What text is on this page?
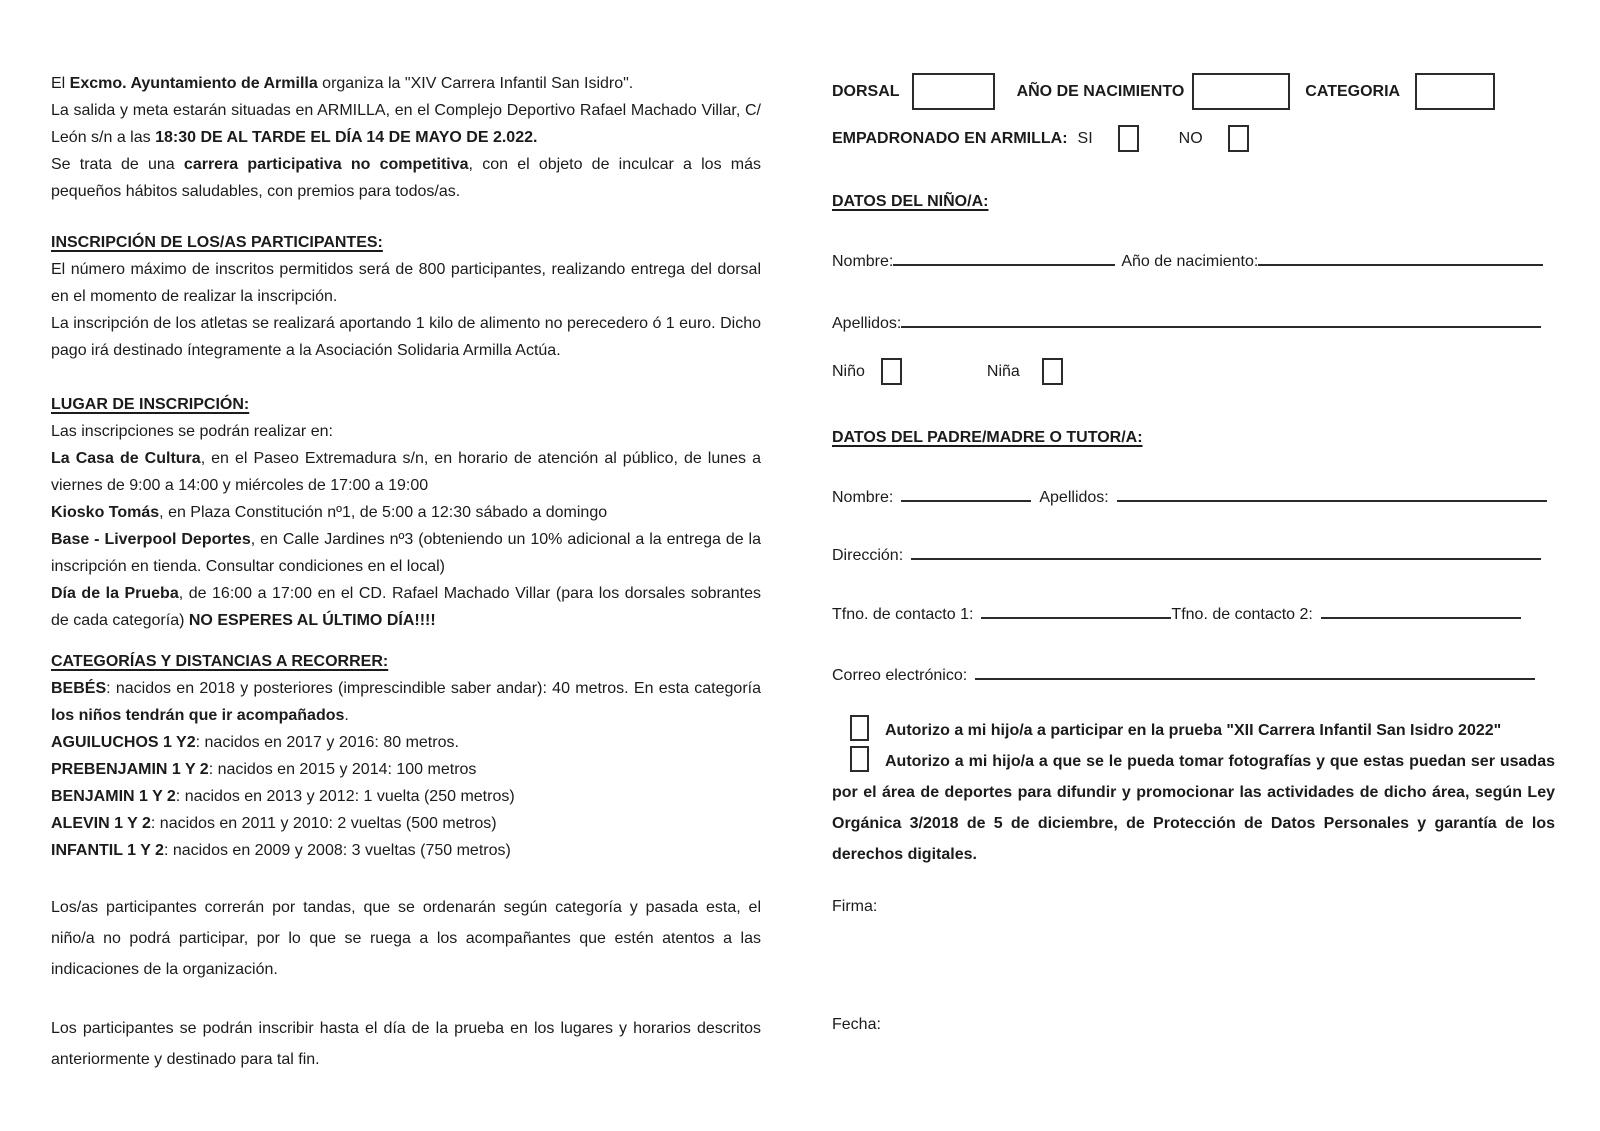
El Excmo. Ayuntamiento de Armilla organiza la "XIV Carrera Infantil San Isidro".

La salida y meta estarán situadas en ARMILLA, en el Complejo Deportivo Rafael Machado Villar, C/ León s/n a las 18:30 DE AL TARDE EL DÍA 14 DE MAYO DE 2.022.

Se trata de una carrera participativa no competitiva, con el objeto de inculcar a los más pequeños hábitos saludables, con premios para todos/as.

INSCRIPCIÓN DE LOS/AS PARTICIPANTES:

El número máximo de inscritos permitidos será de 800 participantes, realizando entrega del dorsal en el momento de realizar la inscripción.

La inscripción de los atletas se realizará aportando 1 kilo de alimento no perecedero ó 1 euro. Dicho pago irá destinado íntegramente a la Asociación Solidaria Armilla Actúa.

LUGAR DE INSCRIPCIÓN:

Las inscripciones se podrán realizar en:

La Casa de Cultura, en el Paseo Extremadura s/n, en horario de atención al público, de lunes a viernes de 9:00 a 14:00 y miércoles de 17:00 a 19:00

Kiosko Tomás, en Plaza Constitución nº1, de 5:00 a 12:30 sábado a domingo

Base - Liverpool Deportes, en Calle Jardines nº3 (obteniendo un 10% adicional a la entrega de la inscripción en tienda. Consultar condiciones en el local)

Día de la Prueba, de 16:00 a 17:00 en el CD. Rafael Machado Villar (para los dorsales sobrantes de cada categoría) NO ESPERES AL ÚLTIMO DÍA!!!!

CATEGORÍAS Y DISTANCIAS A RECORRER:

BEBÉS: nacidos en 2018 y posteriores (imprescindible saber andar): 40 metros. En esta categoría los niños tendrán que ir acompañados.

AGUILUCHOS 1 Y2: nacidos en 2017 y 2016: 80 metros.

PREBENJAMIN 1 Y 2: nacidos en 2015 y 2014: 100 metros

BENJAMIN 1 Y 2: nacidos en 2013 y 2012: 1 vuelta (250 metros)

ALEVIN 1 Y 2: nacidos en 2011 y 2010: 2 vueltas (500 metros)

INFANTIL 1 Y 2: nacidos en 2009 y 2008: 3 vueltas (750 metros)

Los/as participantes correrán por tandas, que se ordenarán según categoría y pasada esta, el niño/a no podrá participar, por lo que se ruega a los acompañantes que estén atentos a las indicaciones de la organización.

Los participantes se podrán inscribir hasta el día de la prueba en los lugares y horarios descritos anteriormente y destinado para tal fin.

DORSAL	AÑO DE NACIMIENTO	CATEGORIA
EMPADRONADO EN ARMILLA: SI	NO
DATOS DEL NIÑO/A:
Nombre:	Año de nacimiento:
Apellidos:
Niño	Niña
DATOS DEL PADRE/MADRE O TUTOR/A:
Nombre:	Apellidos:
Dirección:
Tfno. de contacto 1:	Tfno. de contacto 2:
Correo electrónico:

Autorizo a mi hijo/a a participar en la prueba "XII Carrera Infantil San Isidro 2022"

Autorizo a mi hijo/a a que se le pueda tomar fotografías y que estas puedan ser usadas por el área de deportes para difundir y promocionar las actividades de dicho área, según Ley Orgánica 3/2018 de 5 de diciembre, de Protección de Datos Personales y garantía de los derechos digitales.

Firma:
Fecha:
